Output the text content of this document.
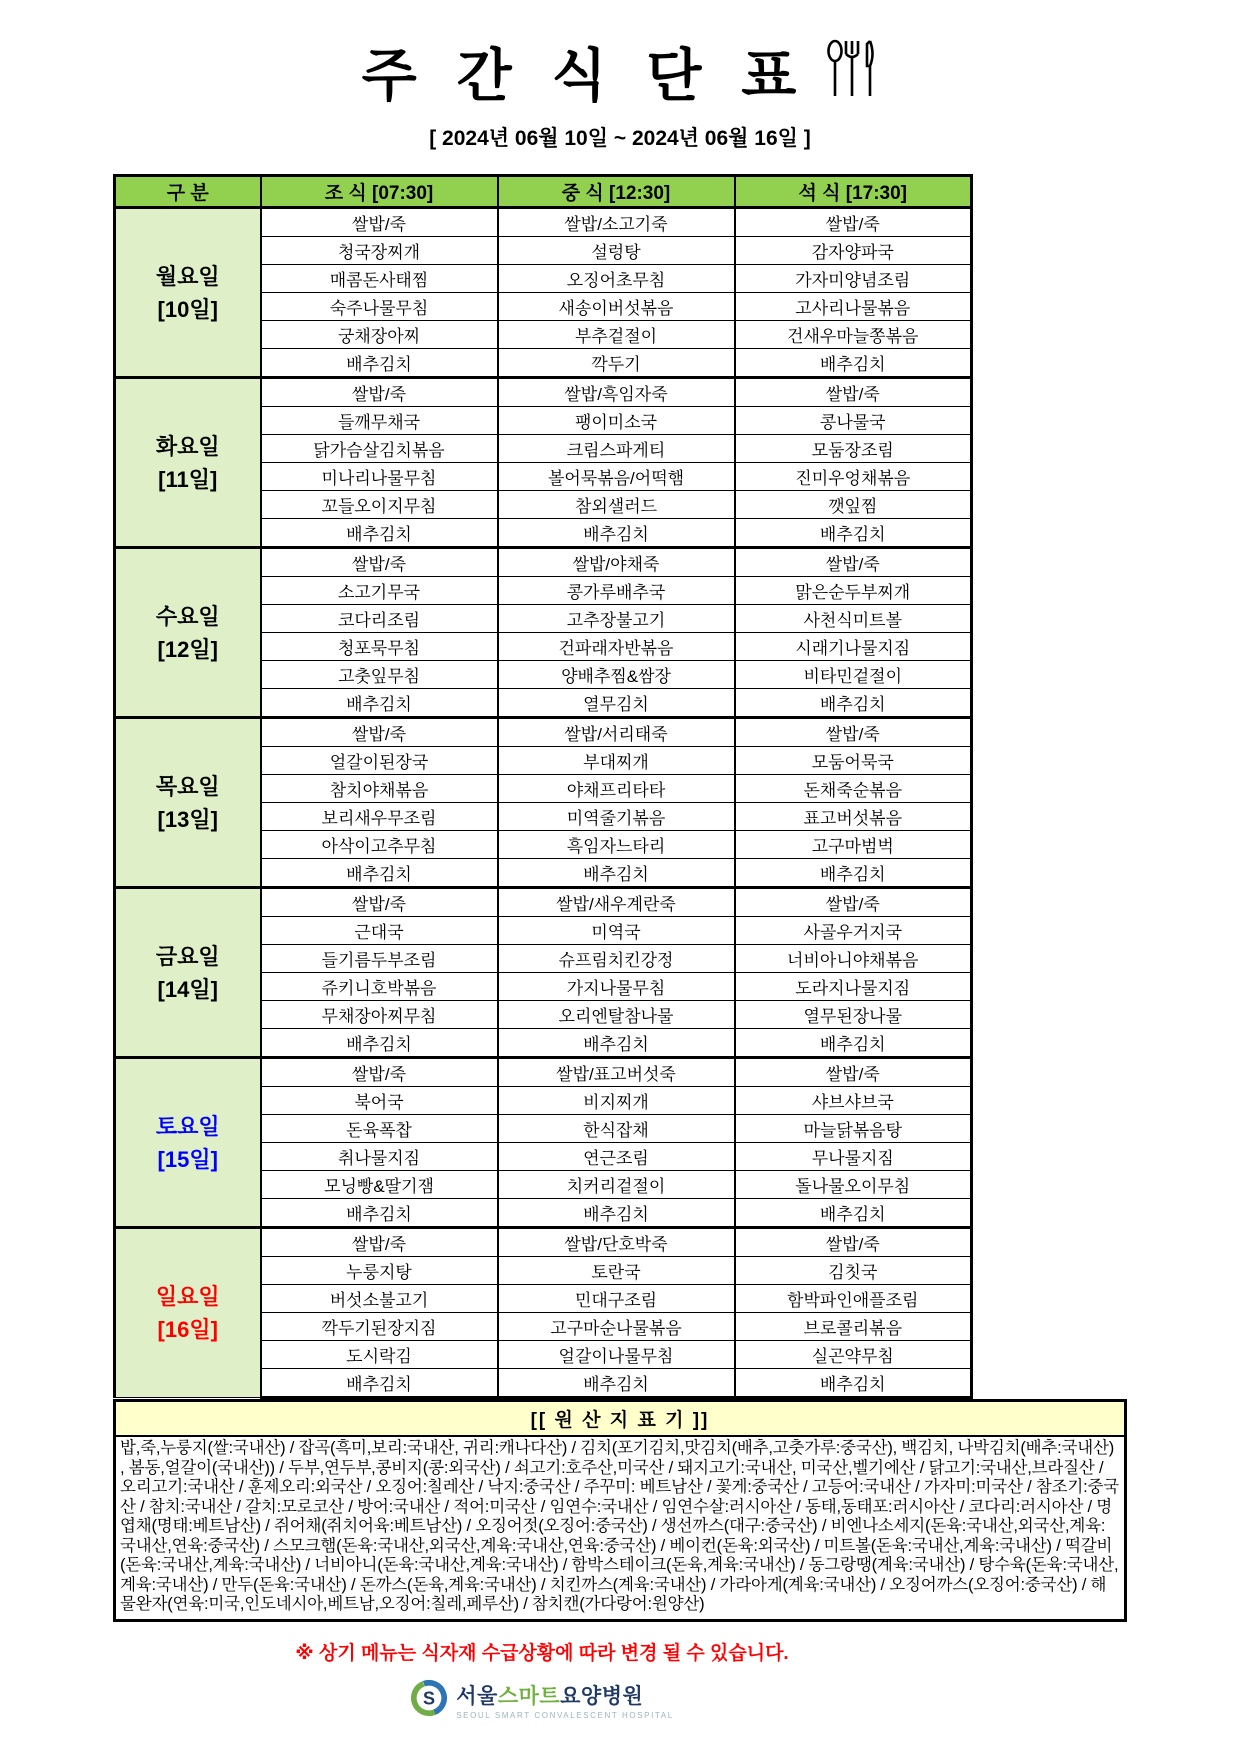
주 간 식 단 표
[ 2024년 06월 10일 ~ 2024년 06월 16일 ]
구 분	조 식 [07:30]	중 식 [12:30]	석 식 [17:30]

월요일
[10일]	쌀밥/죽	쌀밥/소고기죽	쌀밥/죽
	청국장찌개	설렁탕	감자양파국
	매콤돈사태찜	오징어초무침	가자미양념조림
	숙주나물무침	새송이버섯볶음	고사리나물볶음
	궁채장아찌	부추겉절이	건새우마늘쫑볶음
	배추김치	깍두기	배추김치

화요일
[11일]	쌀밥/죽	쌀밥/흑임자죽	쌀밥/죽
	들깨무채국	팽이미소국	콩나물국
	닭가슴살김치볶음	크림스파게티	모둠장조림
	미나리나물무침	볼어묵볶음/어떡햄	진미우엉채볶음
	꼬들오이지무침	참외샐러드	깻잎찜
	배추김치	배추김치	배추김치

수요일
[12일]	쌀밥/죽	쌀밥/야채죽	쌀밥/죽
	소고기무국	콩가루배추국	맑은순두부찌개
	코다리조림	고추장불고기	사천식미트볼
	청포묵무침	건파래자반볶음	시래기나물지짐
	고춧잎무침	양배추찜&쌈장	비타민겉절이
	배추김치	열무김치	배추김치

목요일
[13일]	쌀밥/죽	쌀밥/서리태죽	쌀밥/죽
	얼갈이된장국	부대찌개	모둠어묵국
	참치야채볶음	야채프리타타	돈채죽순볶음
	보리새우무조림	미역줄기볶음	표고버섯볶음
	아삭이고추무침	흑임자느타리	고구마범벅
	배추김치	배추김치	배추김치

금요일
[14일]	쌀밥/죽	쌀밥/새우계란죽	쌀밥/죽
	근대국	미역국	사골우거지국
	들기름두부조림	슈프림치킨강정	너비아니야채볶음
	쥬키니호박볶음	가지나물무침	도라지나물지짐
	무채장아찌무침	오리엔탈참나물	열무된장나물
	배추김치	배추김치	배추김치

토요일
[15일]	쌀밥/죽	쌀밥/표고버섯죽	쌀밥/죽
	북어국	비지찌개	샤브샤브국
	돈육폭찹	한식잡채	마늘닭볶음탕
	취나물지짐	연근조림	무나물지짐
	모닝빵&딸기잼	치커리겉절이	돌나물오이무침
	배추김치	배추김치	배추김치

일요일
[16일]	쌀밥/죽	쌀밥/단호박죽	쌀밥/죽
	누룽지탕	토란국	김칫국
	버섯소불고기	민대구조림	함박파인애플조림
	깍두기된장지짐	고구마순나물볶음	브로콜리볶음
	도시락김	얼갈이나물무침	실곤약무침
	배추김치	배추김치	배추김치
[[ 원 산 지 표 기 ]]
밥,죽,누룽지(쌀:국내산) / 잡곡(흑미,보리:국내산, 귀리:캐나다산) / 김치(포기김치,맛김치(배추,고춧가루:중국산), 백김치, 나박김치(배추:국내산) , 봄동,얼갈이(국내산)) / 두부,연두부,콩비지(콩:외국산) / 쇠고기:호주산,미국산 / 돼지고기:국내산, 미국산,벨기에산 / 닭고기:국내산,브라질산 / 오리고기:국내산 / 훈제오리:외국산 / 오징어:칠레산 / 낙지:중국산 / 주꾸미: 베트남산 / 꽃게:중국산 / 고등어:국내산 / 가자미:미국산 / 참조기:중국산 / 참치:국내산 / 갈치:모로코산 / 방어:국내산 / 적어:미국산 / 임연수:국내산 / 임연수살:러시아산 / 동태,동태포:러시아산 / 코다리:러시아산 / 명엽채(명태:베트남산) / 쥐어채(쥐치어육:베트남산) / 오징어젓(오징어:중국산) / 생선까스(대구:중국산) / 비엔나소세지(돈육:국내산,외국산,계육: 국내산,연육:중국산) / 스모크햄(돈육:국내산,외국산,계육:국내산,연육:중국산) / 베이컨(돈육:외국산) / 미트볼(돈육:국내산,계육:국내산) / 떡갈비(돈육:국내산,계육:국내산) / 너비아니(돈육:국내산,계육:국내산) / 함박스테이크(돈육,계육:국내산) / 동그랑땡(계육:국내산) / 탕수육(돈육:국내산,계육:국내산) / 만두(돈육:국내산) / 돈까스(돈육,계육:국내산) / 치킨까스(계육:국내산) / 가라아게(계육:국내산) / 오징어까스(오징어:중국산) / 해물완자(연육:미국,인도네시아,베트남,오징어:칠레,페루산) / 참치캔(가다랑어:원양산)
※ 상기 메뉴는 식자재 수급상황에 따라 변경 될 수 있습니다.
S 서울스마트요양병원
SEOUL SMART CONVALESCENT HOSPITAL
